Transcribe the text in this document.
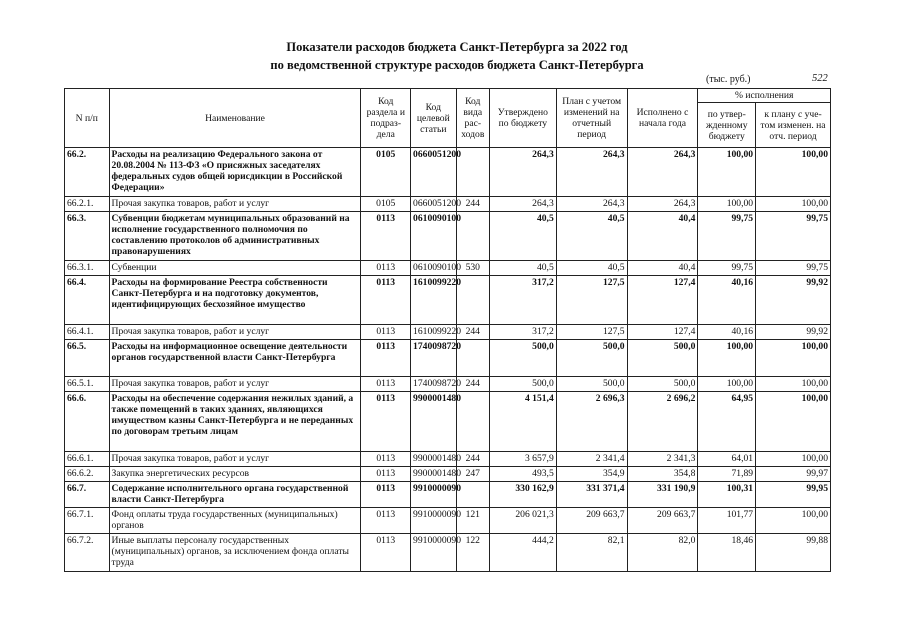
Показатели расходов бюджета Санкт-Петербурга за 2022 год
по ведомственной структуре расходов бюджета Санкт-Петербурга
(тыс. руб.)	522
N п/п	Наименование	Код раздела и подраз-дела	Код целевой статьи	Код вида рас-ходов	Утверждено по бюджету	План с учетом изменений на отчетный период	Исполнено с начала года	% исполнения	
								по утвер-жденному бюджету	к плану с уче-том изменен. на отч. период
66.2.	Расходы на реализацию Федерального закона от 20.08.2004 № 113-ФЗ «О присяжных заседателях федеральных судов общей юрисдикции в Российской Федерации»	0105	0660051200		264,3	264,3	264,3	100,00	100,00
66.2.1.	Прочая закупка товаров, работ и услуг	0105	0660051200	244	264,3	264,3	264,3	100,00	100,00
66.3.	Субвенции бюджетам муниципальных образований на исполнение государственного полномочия по составлению протоколов об административных правонарушениях	0113	0610090100		40,5	40,5	40,4	99,75	99,75
66.3.1.	Субвенции	0113	0610090100	530	40,5	40,5	40,4	99,75	99,75
66.4.	Расходы на формирование Реестра собственности Санкт-Петербурга и на подготовку документов, идентифицирующих бесхозяйное имущество	0113	1610099220		317,2	127,5	127,4	40,16	99,92
66.4.1.	Прочая закупка товаров, работ и услуг	0113	1610099220	244	317,2	127,5	127,4	40,16	99,92
66.5.	Расходы на информационное освещение деятельности органов государственной власти Санкт-Петербурга	0113	1740098720		500,0	500,0	500,0	100,00	100,00
66.5.1.	Прочая закупка товаров, работ и услуг	0113	1740098720	244	500,0	500,0	500,0	100,00	100,00
66.6.	Расходы на обеспечение содержания нежилых зданий, а также помещений в таких зданиях, являющихся имуществом казны Санкт-Петербурга и не переданных по договорам третьим лицам	0113	9900001480		4 151,4	2 696,3	2 696,2	64,95	100,00
66.6.1.	Прочая закупка товаров, работ и услуг	0113	9900001480	244	3 657,9	2 341,4	2 341,3	64,01	100,00
66.6.2.	Закупка энергетических ресурсов	0113	9900001480	247	493,5	354,9	354,8	71,89	99,97
66.7.	Содержание исполнительного органа государственной власти Санкт-Петербурга	0113	9910000090		330 162,9	331 371,4	331 190,9	100,31	99,95
66.7.1.	Фонд оплаты труда государственных (муниципальных) органов	0113	9910000090	121	206 021,3	209 663,7	209 663,7	101,77	100,00
66.7.2.	Иные выплаты персоналу государственных (муниципальных) органов, за исключением фонда оплаты труда	0113	9910000090	122	444,2	82,1	82,0	18,46	99,88
